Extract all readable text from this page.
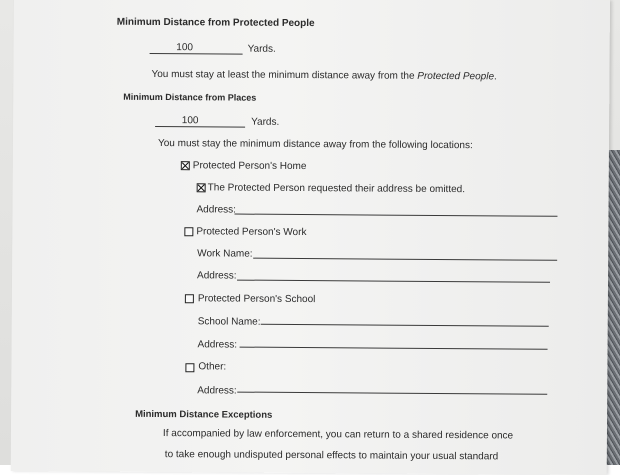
Minimum Distance from Protected People
100	Yards.
You must stay at least the minimum distance away from the Protected People.
Minimum Distance from Places
100	Yards.
You must stay the minimum distance away from the following locations:
Protected Person's Home
The Protected Person requested their address be omitted.
Address:
Protected Person's Work
Work Name:
Address:
Protected Person's School
School Name:
Address:
Other:
Address:
Minimum Distance Exceptions
If accompanied by law enforcement, you can return to a shared residence once
to take enough undisputed personal effects to maintain your usual standard
